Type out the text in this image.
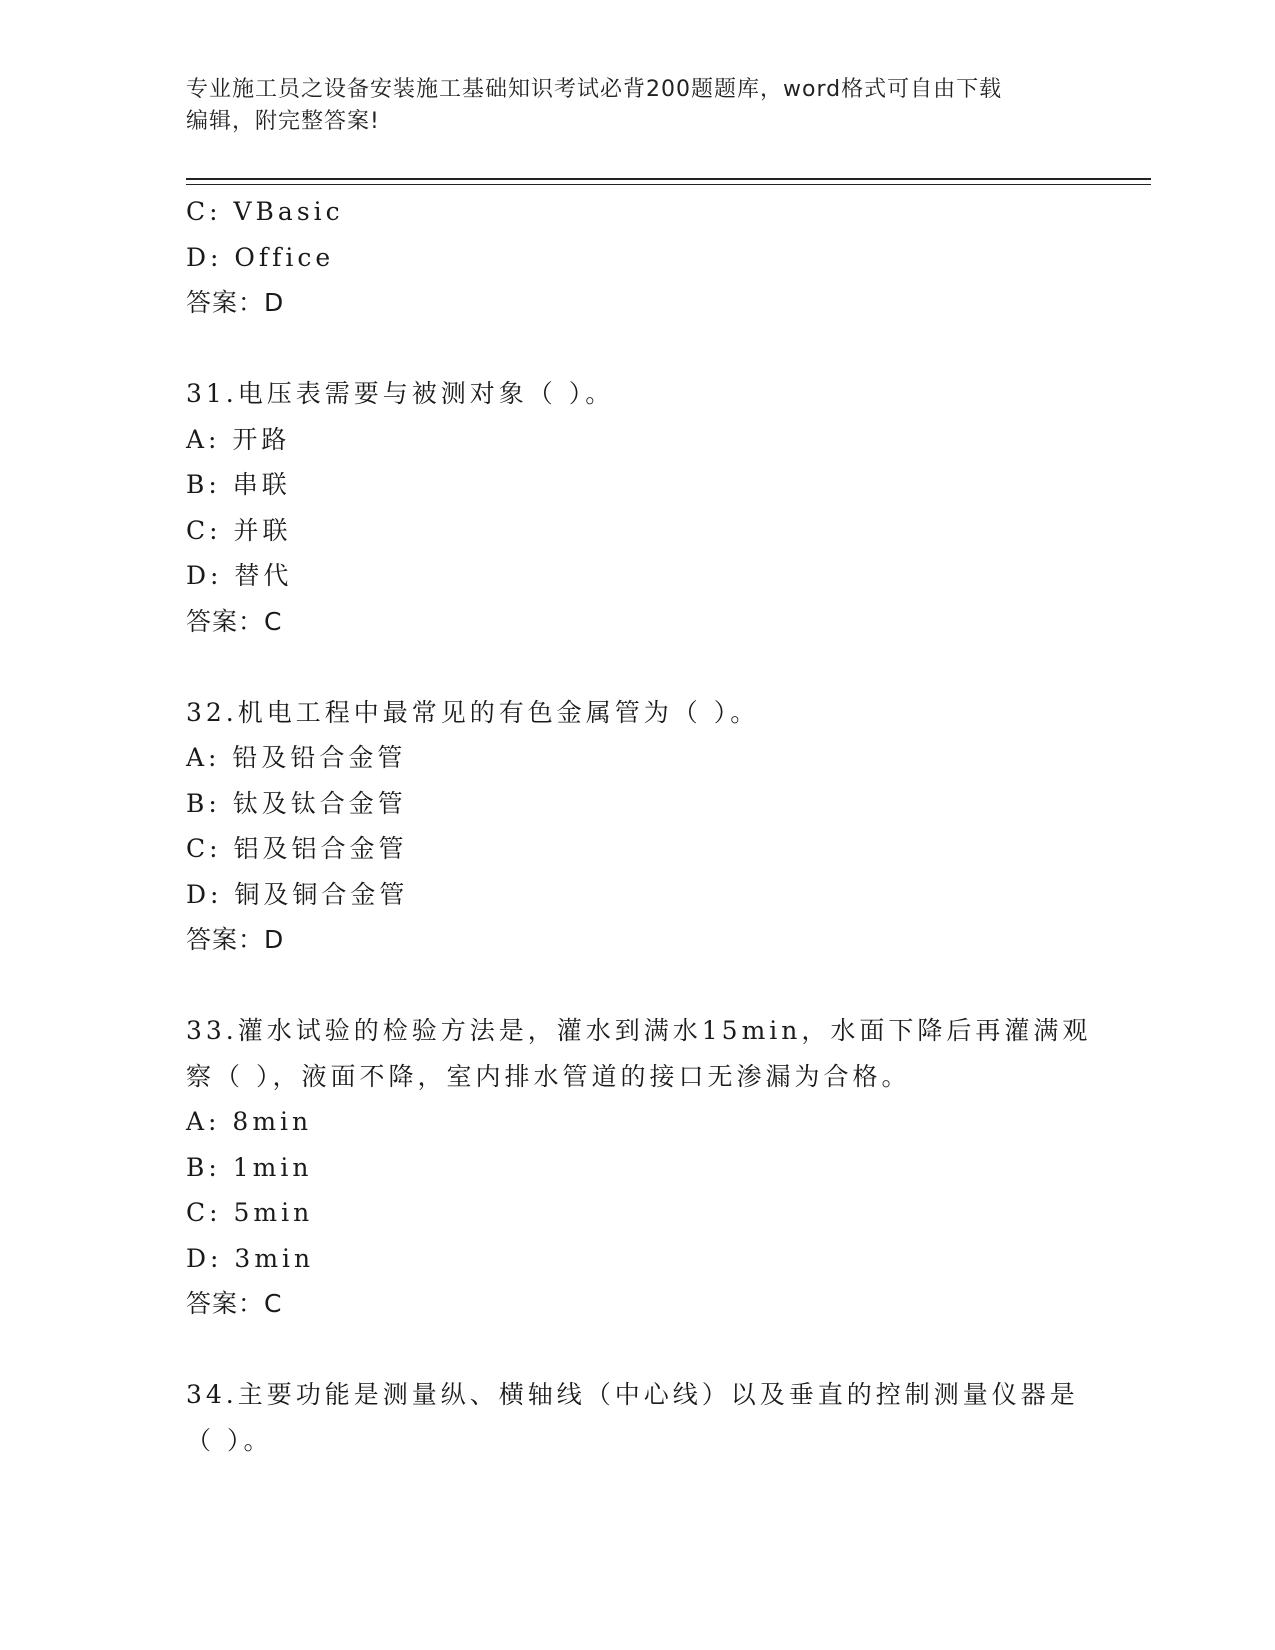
专业施工员之设备安装施工基础知识考试必背200题题库，word格式可自由下载
编辑，附完整答案!
C: VBasic
D: Office
答案：D
31.电压表需要与被测对象（ ）。
A: 开路
B: 串联
C: 并联
D: 替代
答案：C
32.机电工程中最常见的有色金属管为（ ）。
A: 铅及铅合金管
B: 钛及钛合金管
C: 铝及铝合金管
D: 铜及铜合金管
答案：D
33.灌水试验的检验方法是，灌水到满水15min，水面下降后再灌满观
察（ ），液面不降，室内排水管道的接口无渗漏为合格。
A: 8min
B: 1min
C: 5min
D: 3min
答案：C
34.主要功能是测量纵、横轴线（中心线）以及垂直的控制测量仪器是
（ ）。
